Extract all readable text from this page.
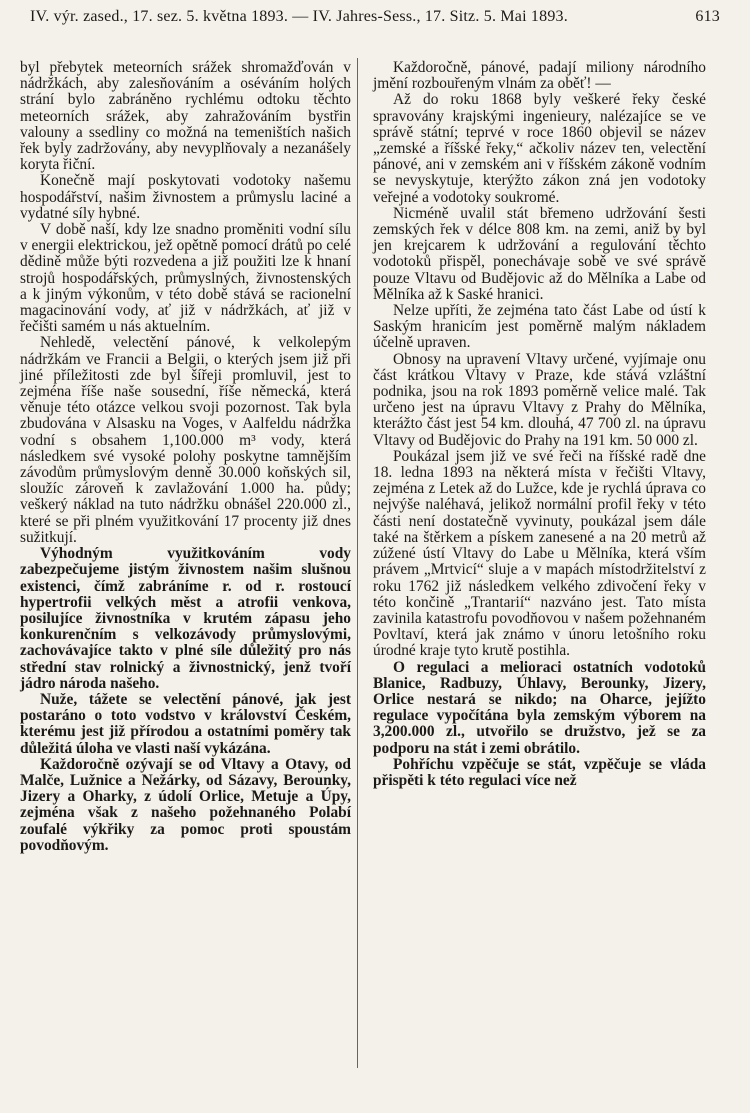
IV. výr. zased., 17. sez. 5. května 1893. — IV. Jahres-Sess., 17. Sitz. 5. Mai 1893.	613

byl přebytek meteorních srážek shromažďován v nádržkách, aby zalesňováním a oséváním holých strání bylo zabráněno rychlému odtoku těchto meteorních srážek, aby zahražováním bystřin valouny a ssedliny co možná na temeništích našich řek byly zadržovány, aby nevyplňovaly a nezanášely koryta řiční.

Konečně mají poskytovati vodotoky našemu hospodářství, našim živnostem a průmyslu laciné a vydatné síly hybné.

V době naší, kdy lze snadno proměniti vodní sílu v energii elektrickou, jež opětně pomocí drátů po celé dědině může býti rozvedena a již použiti lze k hnaní strojů hospodářských, průmyslných, živnostenských a k jiným výkonům, v této době stává se racionelní magacinování vody, ať již v nádržkách, ať již v řečišti samém u nás aktuelním.

Nehledě, velectění pánové, k velkolepým nádržkám ve Francii a Belgii, o kterých jsem již při jiné příležitosti zde byl šířeji promluvil, jest to zejména říše naše sousední, říše německá, která věnuje této otázce velkou svoji pozornost. Tak byla zbudována v Alsasku na Voges, v Aalfeldu nádržka vodní s obsahem 1,100.000 m³ vody, která následkem své vysoké polohy poskytne tamnějším závodům průmyslovým denně 30.000 koňských sil, sloužíc zároveň k zavlažování 1.000 ha. půdy; veškerý náklad na tuto nádržku obnášel 220.000 zl., které se při plném využitkování 17 procenty již dnes sužitkují.

Výhodným využitkováním vody zabezpečujeme jistým živnostem našim slušnou existenci, čímž zabráníme r. od r. rostoucí hypertrofii velkých měst a atrofii venkova, posilujíce živnostníka v krutém zápasu jeho konkurenčním s velkozávody průmyslovými, zachovávajíce takto v plné síle důležitý pro nás střední stav rolnický a živnostnický, jenž tvoří jádro národa našeho.

Nuže, tážete se velectění pánové, jak jest postaráno o toto vodstvo v království Českém, kterému jest již přírodou a ostatními poměry tak důležitá úloha ve vlasti naší vykázána.

Každoročně ozývají se od Vltavy a Otavy, od Malče, Lužnice a Nežárky, od Sázavy, Berounky, Jizery a Oharky, z údolí Orlice, Metuje a Úpy, zejména však z našeho požehnaného Polabí zoufalé výkřiky za pomoc proti spoustám povodňovým.

Každoročně, pánové, padají miliony národního jmění rozbouřeným vlnám za oběť! —

Až do roku 1868 byly veškeré řeky české spravovány krajskými ingenieury, nalézajíce se ve správě státní; teprvé v roce 1860 objevil se název „zemské a říšské řeky,“ ačkoliv název ten, velectění pánové, ani v zemském ani v říšském zákoně vodním se nevyskytuje, kterýžto zákon zná jen vodotoky veřejné a vodotoky soukromé.

Nicméně uvalil stát břemeno udržování šesti zemských řek v délce 808 km. na zemi, aniž by byl jen krejcarem k udržování a regulování těchto vodotoků přispěl, ponechávaje sobě ve své správě pouze Vltavu od Budějovic až do Mělníka a Labe od Mělníka až k Saské hranici.

Nelze upříti, že zejména tato část Labe od ústí k Saským hranicím jest poměrně malým nákladem účelně upraven.

Obnosy na upravení Vltavy určené, vyjímaje onu část krátkou Vltavy v Praze, kde stává vzláštní podnika, jsou na rok 1893 poměrně velice malé. Tak určeno jest na úpravu Vltavy z Prahy do Mělníka, kterážto část jest 54 km. dlouhá, 47 700 zl. na úpravu Vltavy od Budějovic do Prahy na 191 km. 50 000 zl.

Poukázal jsem již ve své řeči na říšské radě dne 18. ledna 1893 na některá místa v řečišti Vltavy, zejména z Letek až do Lužce, kde je rychlá úprava co nejvýše naléhavá, jelikož normální profil řeky v této části není dostatečně vyvinuty, poukázal jsem dále také na štěrkem a pískem zanesené a na 20 metrů až zúžené ústí Vltavy do Labe u Mělníka, která vším právem „Mrtvicí“ sluje a v mapách místodržitelství z roku 1762 již následkem velkého zdivočení řeky v této končině „Trantarií“ nazváno jest. Tato místa zavinila katastrofu povodňovou v našem požehnaném Povltaví, která jak známo v únoru letošního roku úrodné kraje tyto krutě postihla.

O regulaci a melioraci ostatních vodotoků Blanice, Radbuzy, Úhlavy, Berounky, Jizery, Orlice nestará se nikdo; na Oharce, jejížto regulace vypočítána byla zemským výborem na 3,200.000 zl., utvořilo se družstvo, jež se za podporu na stát i zemi obrátilo.

Pohříchu vzpěčuje se stát, vzpěčuje se vláda přispěti k této regulaci více než
